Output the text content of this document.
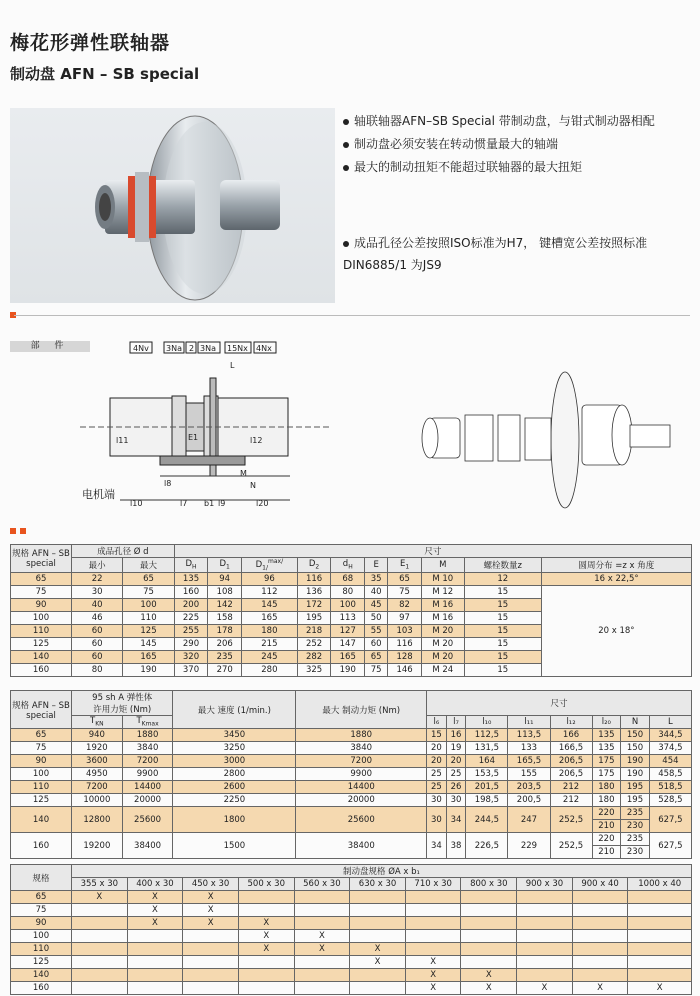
梅花形弹性联轴器
制动盘 AFN – SB special
轴联轴器AFN–SB Special 带制动盘，与钳式制动器相配
制动盘必须安装在转动惯量最大的轴端
最大的制动扭矩不能超过联轴器的最大扭矩
成品孔径公差按照ISO标准为H7， 键槽宽公差按照标准
DIN6885/1 为JS9
部 件	4Nv 3Na 2 3Na 15Nx 4Nx
l11	E1	l12
L
l8	N
M
l7 b1 l9
l10	l20
电机端
规格 AFN – SB special	成品孔径 Ø d		尺寸									
	最小	最大	$D_H$	$D_1$	$D_{1/}^{max/}$	$D_2$	$d_H$	E	$E_1$	M	螺栓数量z	圆周分布 =z x 角度
65	22	65	135	94	96	116	68	35	65	M 10	12	16 x 22,5°
75	30	75	160	108	112	136	80	40	75	M 12	15	20 x 18°
90	40	100	200	142	145	172	100	45	82	M 16	15	
100	46	110	225	158	165	195	113	50	97	M 16	15	
110	60	125	255	178	180	218	127	55	103	M 20	15	
125	60	145	290	206	215	252	147	60	116	M 20	15	
140	60	165	320	235	245	282	165	65	128	M 20	15	
160	80	190	370	270	280	325	190	75	146	M 24	15	
规格 AFN – SB special	95 sh A 弹性体
许用力矩 (Nm)		最大 速度 (1/min.)	最大 制动力矩 (Nm)	尺寸							
	$T_{KN}$	$T_{Kmax}$			l₆	l₇	l₁₀	l₁₁	l₁₂	l₂₀	N	L
65	940	1880	3450	1880	15	16	112,5	113,5	166	135	150	344,5
75	1920	3840	3250	3840	20	19	131,5	133	166,5	135	150	374,5
90	3600	7200	3000	7200	20	20	164	165,5	206,5	175	190	454
100	4950	9900	2800	9900	25	25	153,5	155	206,5	175	190	458,5
110	7200	14400	2600	14400	25	26	201,5	203,5	212	180	195	518,5
125	10000	20000	2250	20000	30	30	198,5	200,5	212	180	195	528,5
140	12800	25600	1800	25600	30	34	244,5	247	252,5	220	235	627,5
										210	230	
160	19200	38400	1500	38400	34	38	226,5	229	252,5	220	235	627,5
										210	230	
规格	制动盘规格 ØA x b₁										
	355 x 30	400 x 30	450 x 30	500 x 30	560 x 30	630 x 30	710 x 30	800 x 30	900 x 30	900 x 40	1000 x 40
65	X	X	X								
75		X	X								
90		X	X	X							
100				X	X						
110				X	X	X					
125						X	X				
140							X	X			
160							X	X	X	X	X
